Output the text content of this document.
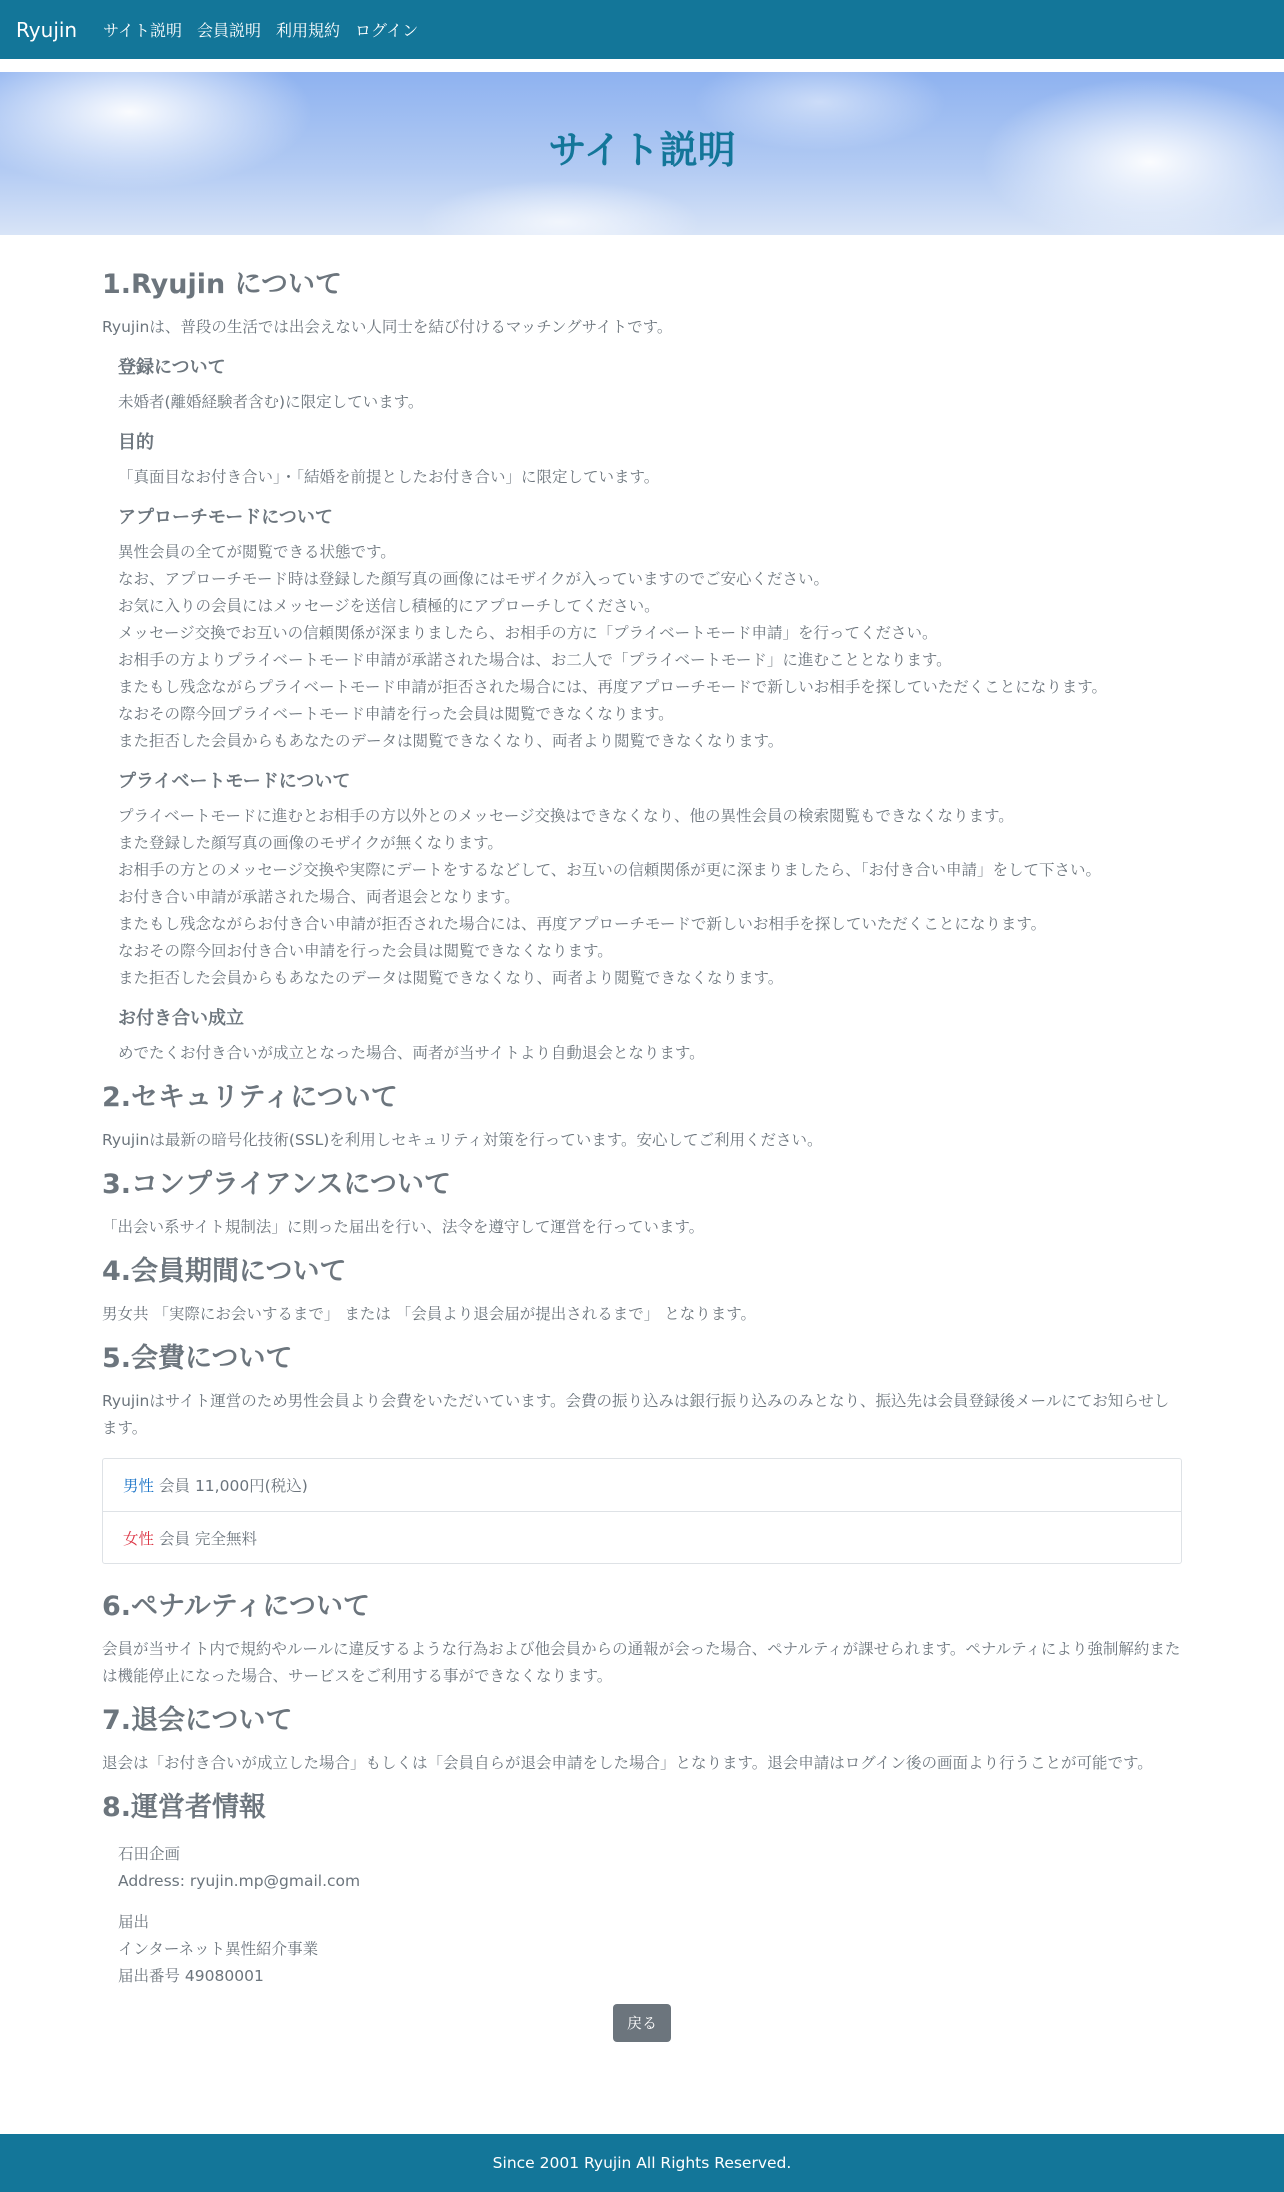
Ryujin サイト説明 会員説明 利用規約 ログイン
サイト説明
1.Ryujin について

Ryujinは、普段の生活では出会えない人同士を結び付けるマッチングサイトです。

登録について

未婚者(離婚経験者含む)に限定しています。

目的

「真面目なお付き合い」・「結婚を前提としたお付き合い」に限定しています。

アプローチモードについて

異性会員の全てが閲覧できる状態です。

なお、アプローチモード時は登録した顔写真の画像にはモザイクが入っていますのでご安心ください。

お気に入りの会員にはメッセージを送信し積極的にアプローチしてください。

メッセージ交換でお互いの信頼関係が深まりましたら、お相手の方に「プライベートモード申請」を行ってください。

お相手の方よりプライベートモード申請が承諾された場合は、お二人で「プライベートモード」に進むこととなります。

またもし残念ながらプライベートモード申請が拒否された場合には、再度アプローチモードで新しいお相手を探していただくことになります。

なおその際今回プライベートモード申請を行った会員は閲覧できなくなります。

また拒否した会員からもあなたのデータは閲覧できなくなり、両者より閲覧できなくなります。

プライベートモードについて

プライベートモードに進むとお相手の方以外とのメッセージ交換はできなくなり、他の異性会員の検索閲覧もできなくなります。

また登録した顔写真の画像のモザイクが無くなります。

お相手の方とのメッセージ交換や実際にデートをするなどして、お互いの信頼関係が更に深まりましたら、「お付き合い申請」をして下さい。

お付き合い申請が承諾された場合、両者退会となります。

またもし残念ながらお付き合い申請が拒否された場合には、再度アプローチモードで新しいお相手を探していただくことになります。

なおその際今回お付き合い申請を行った会員は閲覧できなくなります。

また拒否した会員からもあなたのデータは閲覧できなくなり、両者より閲覧できなくなります。

お付き合い成立

めでたくお付き合いが成立となった場合、両者が当サイトより自動退会となります。

2.セキュリティについて

Ryujinは最新の暗号化技術(SSL)を利用しセキュリティ対策を行っています。安心してご利用ください。

3.コンプライアンスについて

「出会い系サイト規制法」に則った届出を行い、法令を遵守して運営を行っています。

4.会員期間について

男女共 「実際にお会いするまで」 または 「会員より退会届が提出されるまで」 となります。

5.会費について

Ryujinはサイト運営のため男性会員より会費をいただいています。会費の振り込みは銀行振り込みのみとなり、振込先は会員登録後メールにてお知らせします。

男性 会員 11,000円(税込)
女性 会員 完全無料
6.ペナルティについて

会員が当サイト内で規約やルールに違反するような行為および他会員からの通報が会った場合、ペナルティが課せられます。ペナルティにより強制解約または機能停止になった場合、サービスをご利用する事ができなくなります。

7.退会について

退会は「お付き合いが成立した場合」もしくは「会員自らが退会申請をした場合」となります。退会申請はログイン後の画面より行うことが可能です。

8.運営者情報

石田企画

Address: ryujin.mp@gmail.com

届出

インターネット異性紹介事業

届出番号 49080001

戻る
Since 2001 Ryujin All Rights Reserved.
